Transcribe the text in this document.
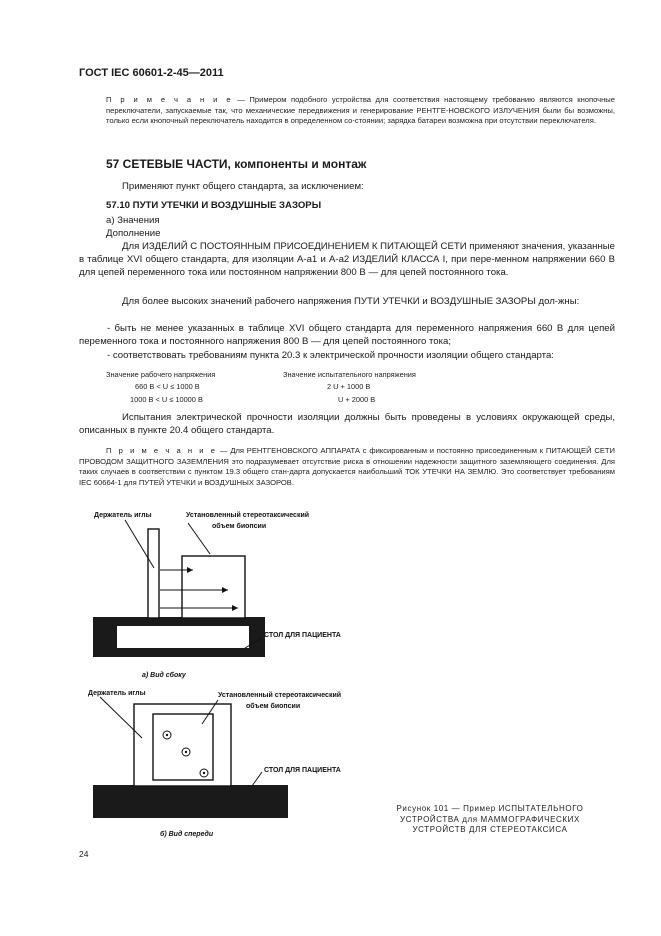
ГОСТ IEC 60601-2-45—2011
П р и м е ч а н и е — Примером подобного устройства для соответствия настоящему требованию являются кнопочные переключатели, запускаемые так, что механические передвижения и генерирование РЕНТГЕ-НОВСКОГО ИЗЛУЧЕНИЯ были бы возможны, только если кнопочный переключатель находится в определенном со-стоянии; зарядка батареи возможна при отсутствии переключателя.
57 СЕТЕВЫЕ ЧАСТИ, компоненты и монтаж
Применяют пункт общего стандарта, за исключением:
57.10 ПУТИ УТЕЧКИ И ВОЗДУШНЫЕ ЗАЗОРЫ
а) Значения
Дополнение
Для ИЗДЕЛИЙ С ПОСТОЯННЫМ ПРИСОЕДИНЕНИЕМ К ПИТАЮЩЕЙ СЕТИ применяют значения, указанные в таблице XVI общего стандарта, для изоляции А-а1 и А-а2 ИЗДЕЛИЙ КЛАССА I, при пере-менном напряжении 660 В для цепей переменного тока или постоянном напряжении 800 В — для цепей постоянного тока.
Для более высоких значений рабочего напряжения ПУТИ УТЕЧКИ и ВОЗДУШНЫЕ ЗАЗОРЫ дол-жны:
- быть не менее указанных в таблице XVI общего стандарта для переменного напряжения 660 В для цепей переменного тока и постоянного напряжения 800 В — для цепей постоянного тока;
- соответствовать требованиям пункта 20.3 к электрической прочности изоляции общего стандарта:
Значение рабочего напряжения	Значение испытательного напряжения
660 В < U ≤ 1000 В	2 U + 1000 В
1000 В < U ≤ 10000 В	U + 2000 В
Испытания электрической прочности изоляции должны быть проведены в условиях окружающей среды, описанных в пункте 20.4 общего стандарта.
П р и м е ч а н и е — Для РЕНТГЕНОВСКОГО АППАРАТА с фиксированным и постоянно присоединенным к ПИТАЮЩЕЙ СЕТИ ПРОВОДОМ ЗАЩИТНОГО ЗАЗЕМЛЕНИЯ это подразумевает отсутствие риска в отношении надежности защитного заземляющего соединения. Для таких случаев в соответствии с пунктом 19.3 общего стан-дарта допускается наибольший ТОК УТЕЧКИ НА ЗЕМЛЮ. Это соответствует требованиям IEC 60664-1 для ПУТЕЙ УТЕЧКИ и ВОЗДУШНЫХ ЗАЗОРОВ.
Держатель иглы	Установленный стереотаксический
объем биопсии
СТОЛ ДЛЯ ПАЦИЕНТА
а) Вид сбоку
Держатель иглы	Установленный стереотаксический
объем биопсии
СТОЛ ДЛЯ ПАЦИЕНТА
б) Вид спереди
Рисунок 101 — Пример ИСПЫТАТЕЛЬНОГО
УСТРОЙСТВА для МАММОГРАФИЧЕСКИХ
УСТРОЙСТВ ДЛЯ СТЕРЕОТАКСИСА
24
